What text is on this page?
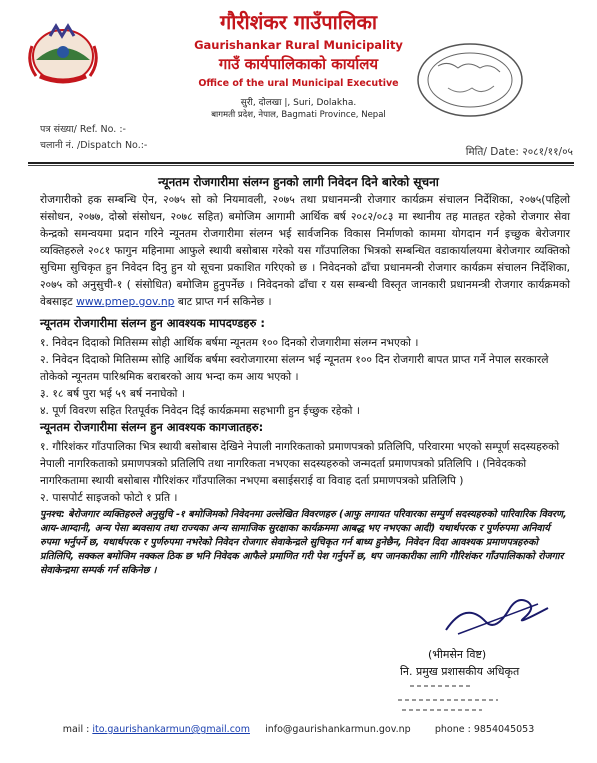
गौरीशंकर गाउँपालिका
Gaurishankar Rural Municipality
गाउँ कार्यपालिकाको कार्यालय
Office of the ural Municipal Executive
सुरी, दोलखा |, Suri, Dolakha.
बागमती प्रदेश, नेपाल, Bagmati Province, Nepal
पत्र संख्या/ Ref. No. :-
चलानी नं. /Dispatch No.:-
मिति/ Date: २०८१/११/०५
न्यूनतम रोजगारीमा संलग्न हुनको लागी निवेदन दिने बारेको सूचना
रोजगारीको हक सम्बन्धि ऐन, २०७५ सो को नियमावली, २०७५ तथा प्रधानमन्त्री रोजगार कार्यक्रम संचालन निर्देशिका, २०७५(पहिलो संसोधन, २०७७, दोस्रो संसोधन, २०७८ सहित) बमोजिम आगामी आर्थिक बर्ष २०८२/०८३ मा स्थानीय तह मातहत रहेको रोजगार सेवा केन्द्रको समन्वयमा प्रदान गरिने न्यूनतम रोजगारीमा संलग्न भई सार्वजनिक विकास निर्माणको काममा योगदान गर्न इच्छुक बेरोजगार व्यक्तिहरुले २०८१ फागुन महिनामा आफुले स्थायी बसोबास गरेको यस गाँउपालिका भित्रको सम्बन्धित वडाकार्यालयमा बेरोजगार व्यक्तिको सुचिमा सुचिकृत हुन निवेदन दिनु हुन यो सूचना प्रकाशित गरिएको छ । निवेदनको ढाँचा प्रधानमन्त्री रोजगार कार्यक्रम संचालन निर्देशिका, २०७५ को अनुसुची-१ ( संसोधित) बमोजिम हुनुपर्नेछ । निवेदनको ढाँचा र यस सम्बन्धी विस्तृत जानकारी प्रधानमन्त्री रोजगार कार्यक्रमको वेबसाइट www.pmep.gov.np बाट प्राप्त गर्न सकिनेछ ।
न्यूनतम रोजगारीमा संलग्न हुन आवश्यक मापदण्डहरु :
१. निवेदन दिदाको मितिसम्म सोही आर्थिक बर्षमा न्यूनतम १०० दिनको रोजगारीमा संलग्न नभएको ।
२. निवेदन दिदाको मितिसम्म सोहि आर्थिक बर्षमा स्वरोजगारमा संलग्न भई न्यूनतम १०० दिन रोजगारी बापत प्राप्त गर्ने नेपाल सरकारले तोकेको न्यूनतम पारिश्रमिक बराबरको आय भन्दा कम आय भएको ।
३. १८ बर्ष पुरा भई ५९ बर्ष ननाघेको ।
४. पूर्ण विवरण सहित रितपूर्वक निवेदन दिई कार्यक्रममा सहभागी हुन ईच्छुक रहेको ।
न्यूनतम रोजगारीमा संलग्न हुन आवश्यक कागजातहरु:
१. गौरिशंकर गाँउपालिका भित्र स्थायी बसोबास देखिने नेपाली नागरिकताको प्रमाणपत्रको प्रतिलिपि, परिवारमा भएको सम्पूर्ण सदस्यहरुको नेपाली नागरिकताको प्रमाणपत्रको प्रतिलिपि तथा नागरिकता नभएका सदस्यहरुको जन्मदर्ता प्रमाणपत्रको प्रतिलिपि । (निवेदकको नागरिकतामा स्थायी बसोबास गौरिशंकर गाँउपालिका नभएमा बसाईसराई वा विवाह दर्ता प्रमाणपत्रको प्रतिलिपि )
२. पासपोर्ट साइजको फोटो १ प्रति ।
पुनश्च: बेरोजगार व्यक्तिहरुले अनुसुचि -१ बमोजिमको निवेदनमा उल्लेखित विवरणहरु (आफु लगायत परिवारका सम्पुर्ण सदस्यहरुको पारिवारिक विवरण, आय-आम्दानी, अन्य पेसा ब्यवसाय तथा राज्यका अन्य सामाजिक सुरक्षाका कार्यक्रममा आबद्ध भए नभएका आदी) यथार्थपरक र पुर्णरुपमा अनिवार्य रुपमा भर्नुपर्ने छ, यथार्थपरक र पुर्णरुपमा नभरेको निवेदन रोजगार सेवाकेन्द्रले सुचिकृत गर्न बाध्य हुनेछैन, निवेदन दिदा आवश्यक प्रमाणपत्रहरुको प्रतिलिपि, सक्कल बमोजिम नक्कल ठिक छ भनि निवेदक आफैले प्रमाणित गरी पेश गर्नुपर्ने छ, थप जानकारीका लागि गौरिशंकर गाँउपालिकाको रोजगार सेवाकेन्द्रमा सम्पर्क गर्न सकिनेछ ।
(भीमसेन विष्ट)
नि. प्रमुख प्रशासकीय अधिकृत
mail : ito.gaurishankarmun@gmail.com info@gaurishankarmun.gov.np	phone : 9854045053
